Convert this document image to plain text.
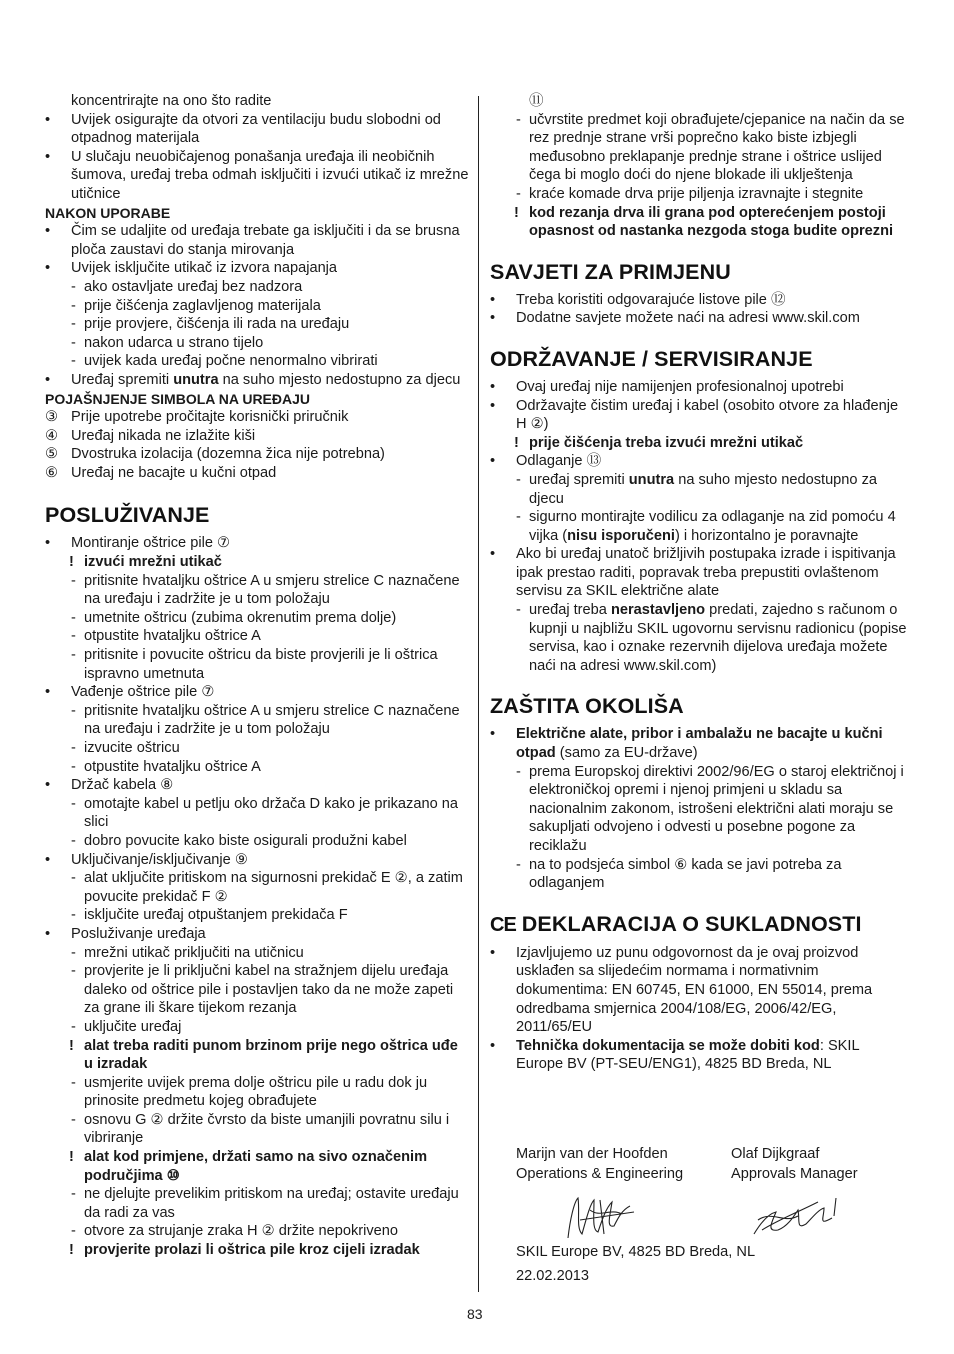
koncentrirajte na ono što radite
• Uvijek osigurajte da otvori za ventilaciju budu slobodni od otpadnog materijala
• U slučaju neuobičajenog ponašanja uređaja ili neobičnih šumova, uređaj treba odmah isključiti i izvući utikač iz mrežne utičnice
NAKON UPORABE
• Čim se udaljite od uređaja trebate ga isključiti i da se brusna ploča zaustavi do stanja mirovanja
• Uvijek isključite utikač iz izvora napajanja
- ako ostavljate uređaj bez nadzora
- prije čišćenja zaglavljenog materijala
- prije provjere, čišćenja ili rada na uređaju
- nakon udarca u strano tijelo
- uvijek kada uređaj počne nenormalno vibrirati
• Uređaj spremiti unutra na suho mjesto nedostupno za djecu
POJAŠNJENJE SIMBOLA NA UREĐAJU
③ Prije upotrebe pročitajte korisnički priručnik
④ Uređaj nikada ne izlažite kiši
⑤ Dvostruka izolacija (dozemna žica nije potrebna)
⑥ Uređaj ne bacajte u kučni otpad
POSLUŽIVANJE
• Montiranje oštrice pile ⑦
! izvući mrežni utikač
- pritisnite hvataljku oštrice A u smjeru strelice C naznačene na uređaju i zadržite je u tom položaju
- umetnite oštricu (zubima okrenutim prema dolje)
- otpustite hvataljku oštrice A
- pritisnite i povucite oštricu da biste provjerili je li oštrica ispravno umetnuta
• Vađenje oštrice pile ⑦
- pritisnite hvataljku oštrice A u smjeru strelice C naznačene na uređaju i zadržite je u tom položaju
- izvucite oštricu
- otpustite hvataljku oštrice A
• Držač kabela ⑧
- omotajte kabel u petlju oko držača D kako je prikazano na slici
- dobro povucite kako biste osigurali produžni kabel
• Uključivanje/isključivanje ⑨
- alat uključite pritiskom na sigurnosni prekidač E ②, a zatim povucite prekidač F ②
- isključite uređaj otpuštanjem prekidača F
• Posluživanje uređaja
- mrežni utikač priključiti na utičnicu
- provjerite je li priključni kabel na stražnjem dijelu uređaja daleko od oštrice pile i postavljen tako da ne može zapeti za grane ili škare tijekom rezanja
- uključite uređaj
! alat treba raditi punom brzinom prije nego oštrica uđe u izradak
- usmjerite uvijek prema dolje oštricu pile u radu dok ju prinosite predmetu kojeg obrađujete
- osnovu G ② držite čvrsto da biste umanjili povratnu silu i vibriranje
! alat kod primjene, držati samo na sivo označenim područjima ⑩
- ne djelujte prevelikim pritiskom na uređaj; ostavite uređaju da radi za vas
- otvore za strujanje zraka H ② držite nepokriveno
! provjerite prolazi li oštrica pile kroz cijeli izradak
⑪
- učvrstite predmet koji obrađujete/cjepanice na način da se rez prednje strane vrši poprečno kako biste izbjegli međusobno preklapanje prednje strane i oštrice uslijed čega bi moglo doći do njene blokade ili uklještenja
- kraće komade drva prije piljenja izravnajte i stegnite
! kod rezanja drva ili grana pod opterećenjem postoji opasnost od nastanka nezgoda stoga budite oprezni
SAVJETI ZA PRIMJENU
• Treba koristiti odgovarajuće listove pile ⑫
• Dodatne savjete možete naći na adresi www.skil.com
ODRŽAVANJE / SERVISIRANJE
• Ovaj uređaj nije namijenjen profesionalnoj upotrebi
• Održavajte čistim uređaj i kabel (osobito otvore za hlađenje H ②)
! prije čišćenja treba izvući mrežni utikač
• Odlaganje ⑬
- uređaj spremiti unutra na suho mjesto nedostupno za djecu
- sigurno montirajte vodilicu za odlaganje na zid pomoću 4 vijka (nisu isporučeni) i horizontalno je poravnajte
• Ako bi uređaj unatoč brižljivih postupaka izrade i ispitivanja ipak prestao raditi, popravak treba prepustiti ovlaštenom servisu za SKIL električne alate
- uređaj treba nerastavljeno predati, zajedno s računom o kupnji u najbližu SKIL ugovornu servisnu radionicu (popise servisa, kao i oznake rezervnih dijelova uređaja možete naći na adresi www.skil.com)
ZAŠTITA OKOLIŠA
• Električne alate, pribor i ambalažu ne bacajte u kučni otpad (samo za EU-države)
- prema Europskoj direktivi 2002/96/EG o staroj električnoj i elektroničkoj opremi i njenoj primjeni u skladu sa nacionalnim zakonom, istrošeni električni alati moraju se sakupljati odvojeno i odvesti u posebne pogone za reciklažu
- na to podsjeća simbol ⑥ kada se javi potreba za odlaganjem
CE DEKLARACIJA O SUKLADNOSTI
• Izjavljujemo uz punu odgovornost da je ovaj proizvod usklađen sa slijedećim normama i normativnim dokumentima: EN 60745, EN 61000, EN 55014, prema odredbama smjernica 2004/108/EG, 2006/42/EG, 2011/65/EU
• Tehnička dokumentacija se može dobiti kod: SKIL Europe BV (PT-SEU/ENG1), 4825 BD Breda, NL
Marijn van der Hoofden
Operations & Engineering
Olaf Dijkgraaf
Approvals Manager
SKIL Europe BV, 4825 BD Breda, NL
22.02.2013
83
